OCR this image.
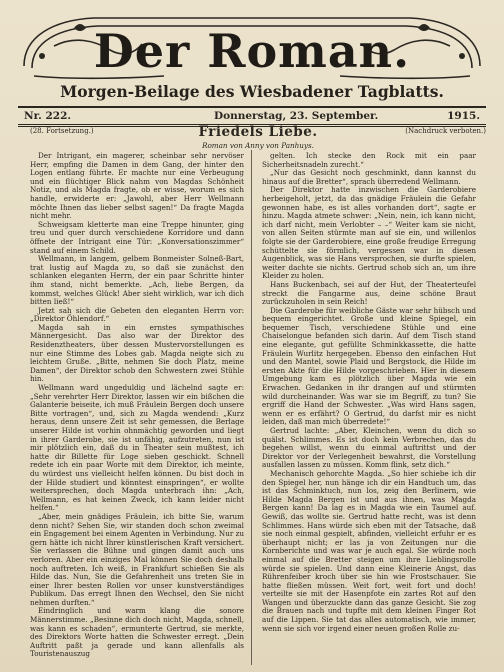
Der Roman.
Morgen-Beilage des Wiesbadener Tagblatts.
Nr. 222.	Donnerstag, 23. September.	1915.
(28. Fortsetzung.)	(Nachdruck verboten.)
Friedels Liebe.
Roman von Anny von Panhuys.

Der Intrigant, ein magerer, scheinbar sehr nervöser Herr, empfing die Damen in dem Gang, der hinter den Logen entlang führte. Er machte nur eine Verbeugung und ein flüchtiger Blick nahm von Magdas Schönheit Notiz, und als Magda fragte, ob er wisse, worum es sich handle, erwiderte er: „Jawohl, aber Herr Wellmann möchte Ihnen das lieber selbst sagen!“ Da fragte Magda nicht mehr.

Schweigsam kletterte man eine Treppe hinunter, ging treu und quer durch verschiedene Korridore und dann öffnete der Intrigant eine Tür: „Konversationszimmer“ stand auf einem Schild.

Wellmann, in langem, gelbem Bonmeister Solneß-Bart, trat lustig auf Magda zu, so daß sie zunächst den schlanken eleganten Herrn, der ein paar Schritte hinter ihm stand, nicht bemerkte. „Ach, liebe Bergen, da kommst, welches Glück! Aber sieht wirklich, war ich dich bitten ließ!“

Jetzt sah sich die Gebeten den eleganten Herrn vor: „Direktor Öhlendorf.“

Magda sah in ein ernstes sympathisches Männergesicht. Das also war der Direktor des Residenztheaters, über dessen Mustervorstellungen es nur eine Stimme des Lobes gab. Magda neigte sich zu leichtem Gruße. „Bitte, nehmen Sie doch Platz, meine Damen“, der Direktor schob den Schwestern zwei Stühle hin.

Wellmann ward ungeduldig und lächelnd sagte er: „Sehr verehrter Herr Direktor, lassen wir ein bißchen die Galanterie beiseite, ich muß Fräulein Bergen doch unsere Bitte vortragen“, und, sich zu Magda wendend: „Kurz heraus, denn unsere Zeit ist sehr gemessen, die Berlage unserer Hilde ist vorhin ohnmächtig geworden und liegt in ihrer Garderobe, sie ist unfähig, aufzutreten, nun ist mir plötzlich ein, daß du in Theater sein mußtest, ich hatte dir Billette für Loge sieben geschickt. Schnell redete ich ein paar Worte mit dem Direktor, ich meinte, du würdest uns vielleicht helfen können. Du bist doch in der Hilde studiert und könntest einspringen“, er wollte weitersprechen, doch Magda unterbrach ihn: „Ach, Wellmann, es hat keinen Zweck, ich kann leider nicht helfen.“

„Aber, mein gnädiges Fräulein, ich bitte Sie, warum denn nicht? Sehen Sie, wir standen doch schon zweimal ein Engagement bei einem Agenten in Verbindung. Nur zu gern hätte ich nicht Ihrer künstlerischen Kraft versichert. Sie verlassen die Bühne und gingen damit auch uns verloren. Aber ein einziges Mal können Sie doch deshalb noch auftreten. Ich weiß, in Frankfurt schießen Sie als Hilde das. Nun, Sie die Gefahrenheit uns treten Sie in einer Ihrer besten Rollen vor unser kunstverständiges Publikum. Das erregt Ihnen den Wechsel, den Sie nicht nehmen durften.“

Eindringlich und warm klang die sonore Männerstimme. „Besinne dich doch nicht, Magda, schnell, was kann es schaden“, ermunterte Gertrud, sie merkte, des Direktors Worte hatten die Schwester erregt. „Dein Auftritt paßt ja gerade und kann allenfalls als Touristenauszug

gelten. Ich stecke den Rock mit ein paar Sicherheitsnadeln zurecht.“

„Nur das Gesicht noch geschminkt, dann kannst du hinaus auf die Bretter“, sprach überredend Wellmann.

Der Direktor hatte inzwischen die Garderobiere herbeigeholt, jetzt, da das gnädige Fräulein die Gefahr gewonnen habe, es ist alles vorhanden dort“, sagte er hinzu. Magda atmete schwer: „Nein, nein, ich kann nicht, ich darf nicht, mein Verlobter – –“ Weiter kam sie nicht, von allen Seiten stürmte man auf sie ein, und willenlos folgte sie der Garderobiere, eine große freudige Erregung schüttelte sie förmlich, vergessen war in diesen Augenblick, was sie Hans versprochen, sie durfte spielen, weiter dachte sie nichts. Gertrud schob sich an, um ihre Kleider zu holen.

Hans Buckenbach, sei auf der Hut, der Theaterteufel streckt die Fangarme aus, deine schöne Braut zurückzuholen in sein Reich!

Die Garderobe für weibliche Gäste war sehr hübsch und bequem eingerichtet. Große und kleine Spiegel, ein bequemer Tisch, verschiedene Stühle und eine Chaiselongue befanden sich darin. Auf dem Tisch stand eine elegante, gut gefüllte Schminkkassette, die hatte Fräulein Wurlitz hergegeben. Ebenso den einfachen Hut und den Mantel, sowie Plaid und Bergstock, die Hilde im ersten Akte für die Hilde vorgeschrieben. Hier in diesem Umgebung kam es plötzlich über Magda wie ein Erwachen. Gedanken in ihr drangen auf und stürmten wild durcheinander. Was war sie im Begriff, zu tun? Sie ergriff die Hand der Schwester. „Was wird Hans sagen, wenn er es erfährt? O Gertrud, du darfst mir es nicht leiden, daß man mich überredete!“

Gertrud lachte: „Aber, Kleinchen, wenn du dich so quälst. Schlimmes. Es ist doch kein Verbrechen, das du begehen willst, wenn du einmal auftrittst und der Direktor vor der Verlegenheit bewahrst, die Vorstellung ausfallen lassen zu müssen. Komm flink, setz dich.“

Mechanisch gehorchte Magda. „So hier schiebe ich dir den Spiegel her, nun hänge ich dir ein Handtuch um, das ist das Schminktuch, nun los, zeig den Berlinern, wie Hilde Magda Bergen ist und aus ihnen, was Magda Bergen kann! Da lag es in Magda wie ein Taumel auf. Gewiß, das wollte sie. Gertrud hatte recht, was ist denn Schlimmes. Hans würde sich eben mit der Tatsache, daß sie noch einmal gespielt, abfinden, vielleicht erfuhr er es überhaupt nicht; er las ja von Zeitungen nur die Kornberichte und was war je auch egal. Sie würde noch einmal auf die Bretter steigen um ihre Lieblingsrolle würde sie spielen. Und dann eine Kleinerie Angst, das Rührenfeiber kroch über sie hin wie Frostschauer. Sie hatte fließen müssen. Weit fort, weit fort und doch! verteilte sie mit der Hasenpfote ein zartes Rot auf den Wangen und überzuckte dann das ganze Gesicht. Sie zog die Brauen nach und tupfte mit dem kleinen Finger Rot auf die Lippen. Sie tat das alles automatisch, wie immer, wenn sie sich vor irgend einer neuen großen Rolle zu-
